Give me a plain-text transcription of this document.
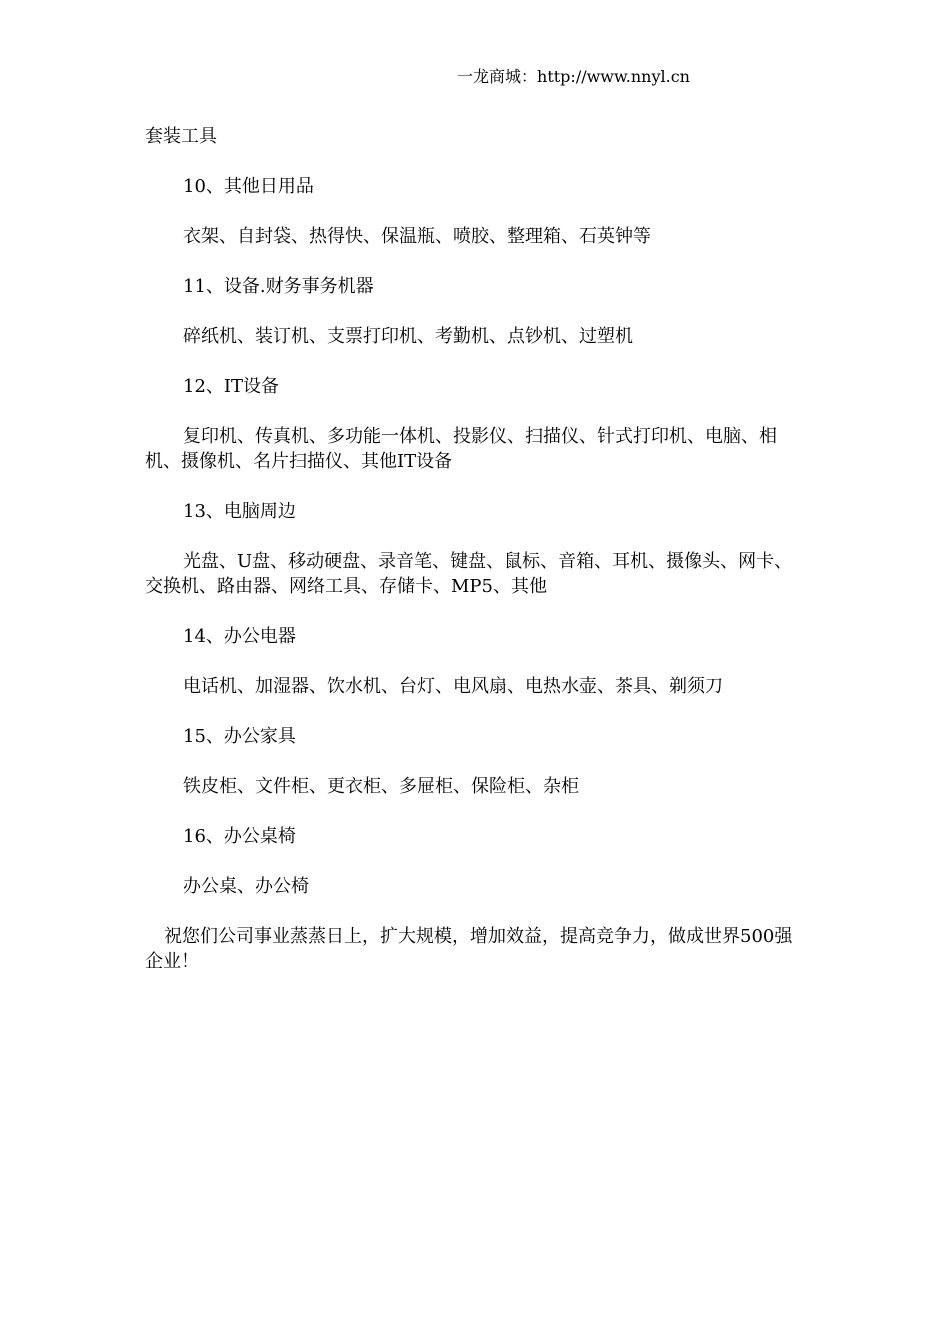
一龙商城：http://www.nnyl.cn

套装工具

10、其他日用品

衣架、自封袋、热得快、保温瓶、喷胶、整理箱、石英钟等

11、设备.财务事务机器

碎纸机、装订机、支票打印机、考勤机、点钞机、过塑机

12、IT设备

复印机、传真机、多功能一体机、投影仪、扫描仪、针式打印机、电脑、相机、摄像机、名片扫描仪、其他IT设备

13、电脑周边

光盘、U盘、移动硬盘、录音笔、键盘、鼠标、音箱、耳机、摄像头、网卡、交换机、路由器、网络工具、存储卡、MP5、其他

14、办公电器

电话机、加湿器、饮水机、台灯、电风扇、电热水壶、茶具、剃须刀

15、办公家具

铁皮柜、文件柜、更衣柜、多屉柜、保险柜、杂柜

16、办公桌椅

办公桌、办公椅

祝您们公司事业蒸蒸日上，扩大规模，增加效益，提高竞争力，做成世界500强企业！
